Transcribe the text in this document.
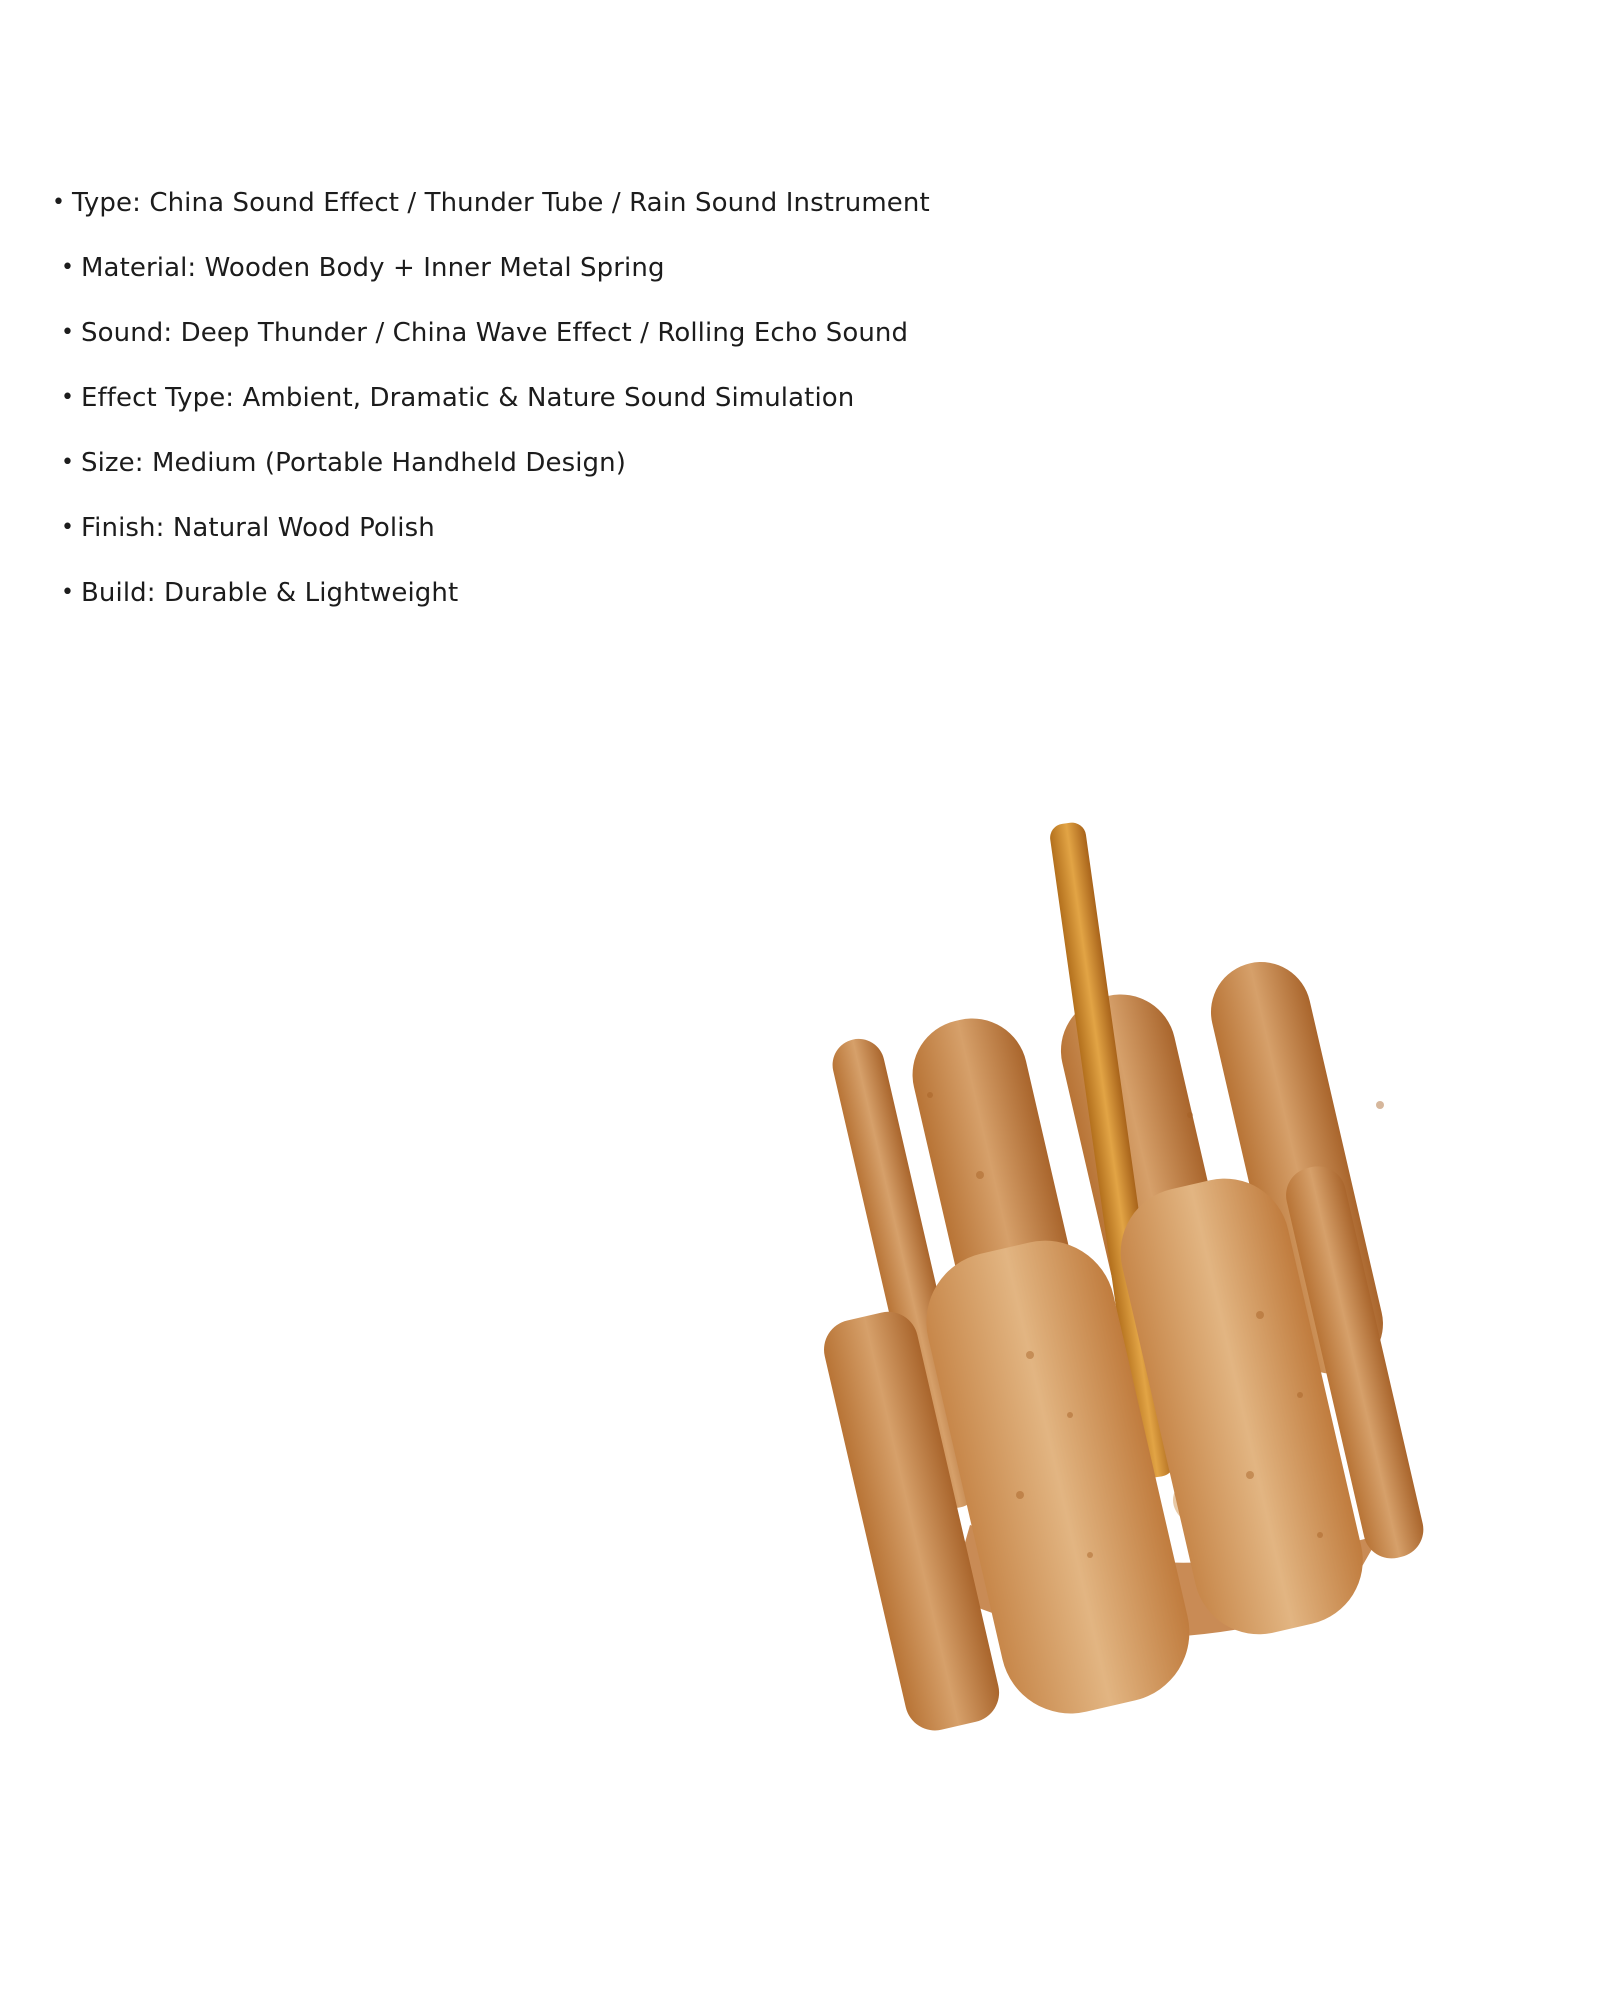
• Type: China Sound Effect / Thunder Tube / Rain Sound Instrument
• Material: Wooden Body + Inner Metal Spring
• Sound: Deep Thunder / China Wave Effect / Rolling Echo Sound
• Effect Type: Ambient, Dramatic & Nature Sound Simulation
• Size: Medium (Portable Handheld Design)
• Finish: Natural Wood Polish
• Build: Durable & Lightweight
